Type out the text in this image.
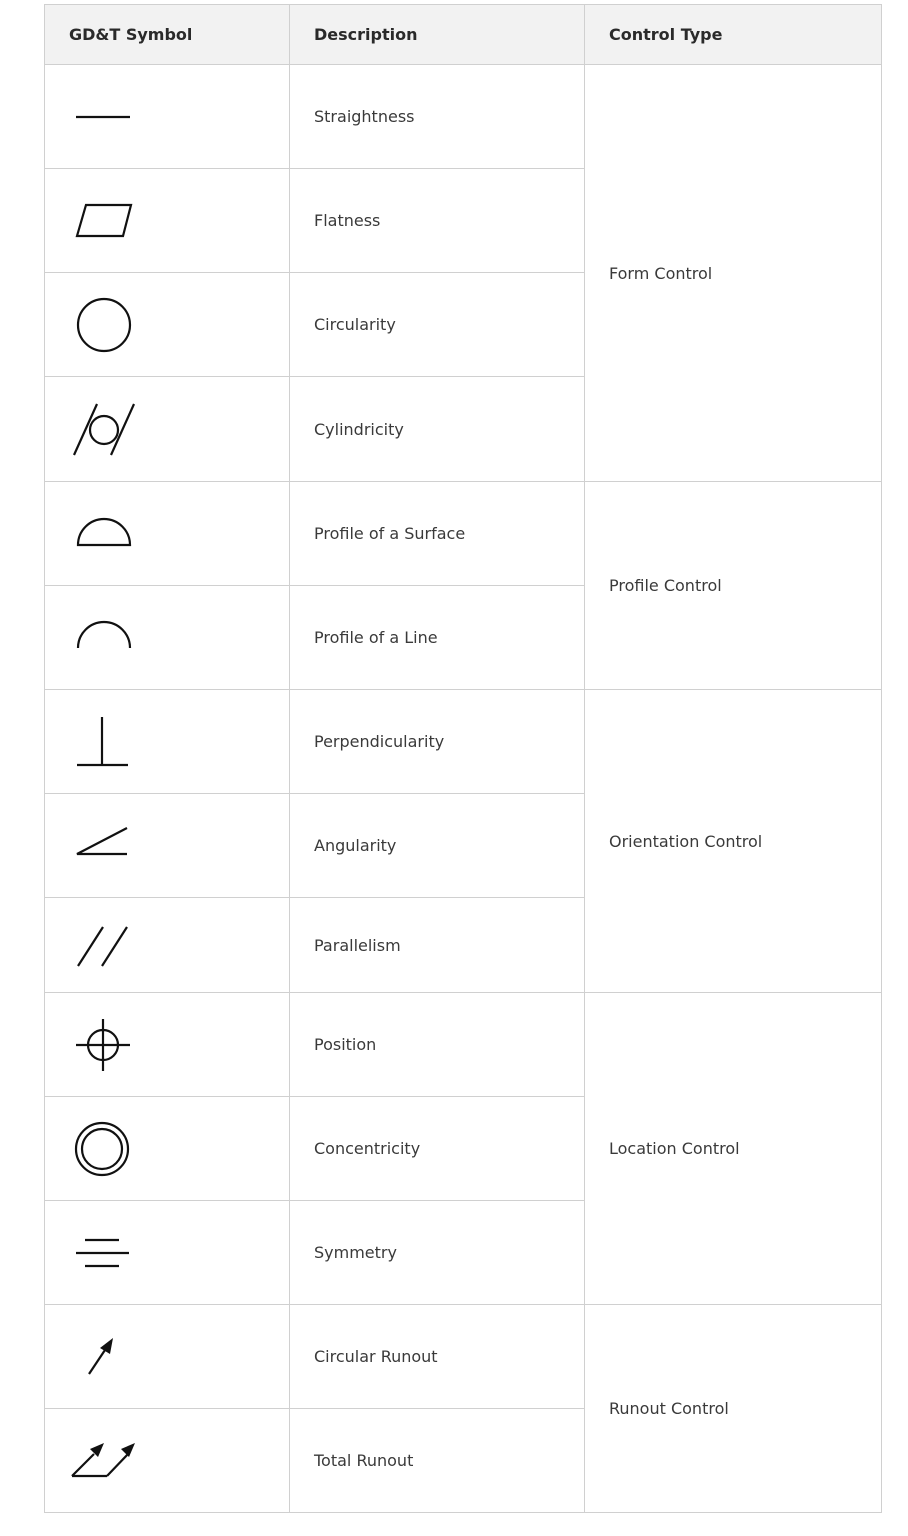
GD&T Symbol	Description	Control Type

	Straightness	Form Control

	Flatness	

	Circularity	

	Cylindricity	

	Profile of a Surface	Profile Control

	Profile of a Line	

	Perpendicularity	Orientation Control

	Angularity	

	Parallelism	

	Position	Location Control

	Concentricity	

	Symmetry	

	Circular Runout	Runout Control

	Total Runout	
